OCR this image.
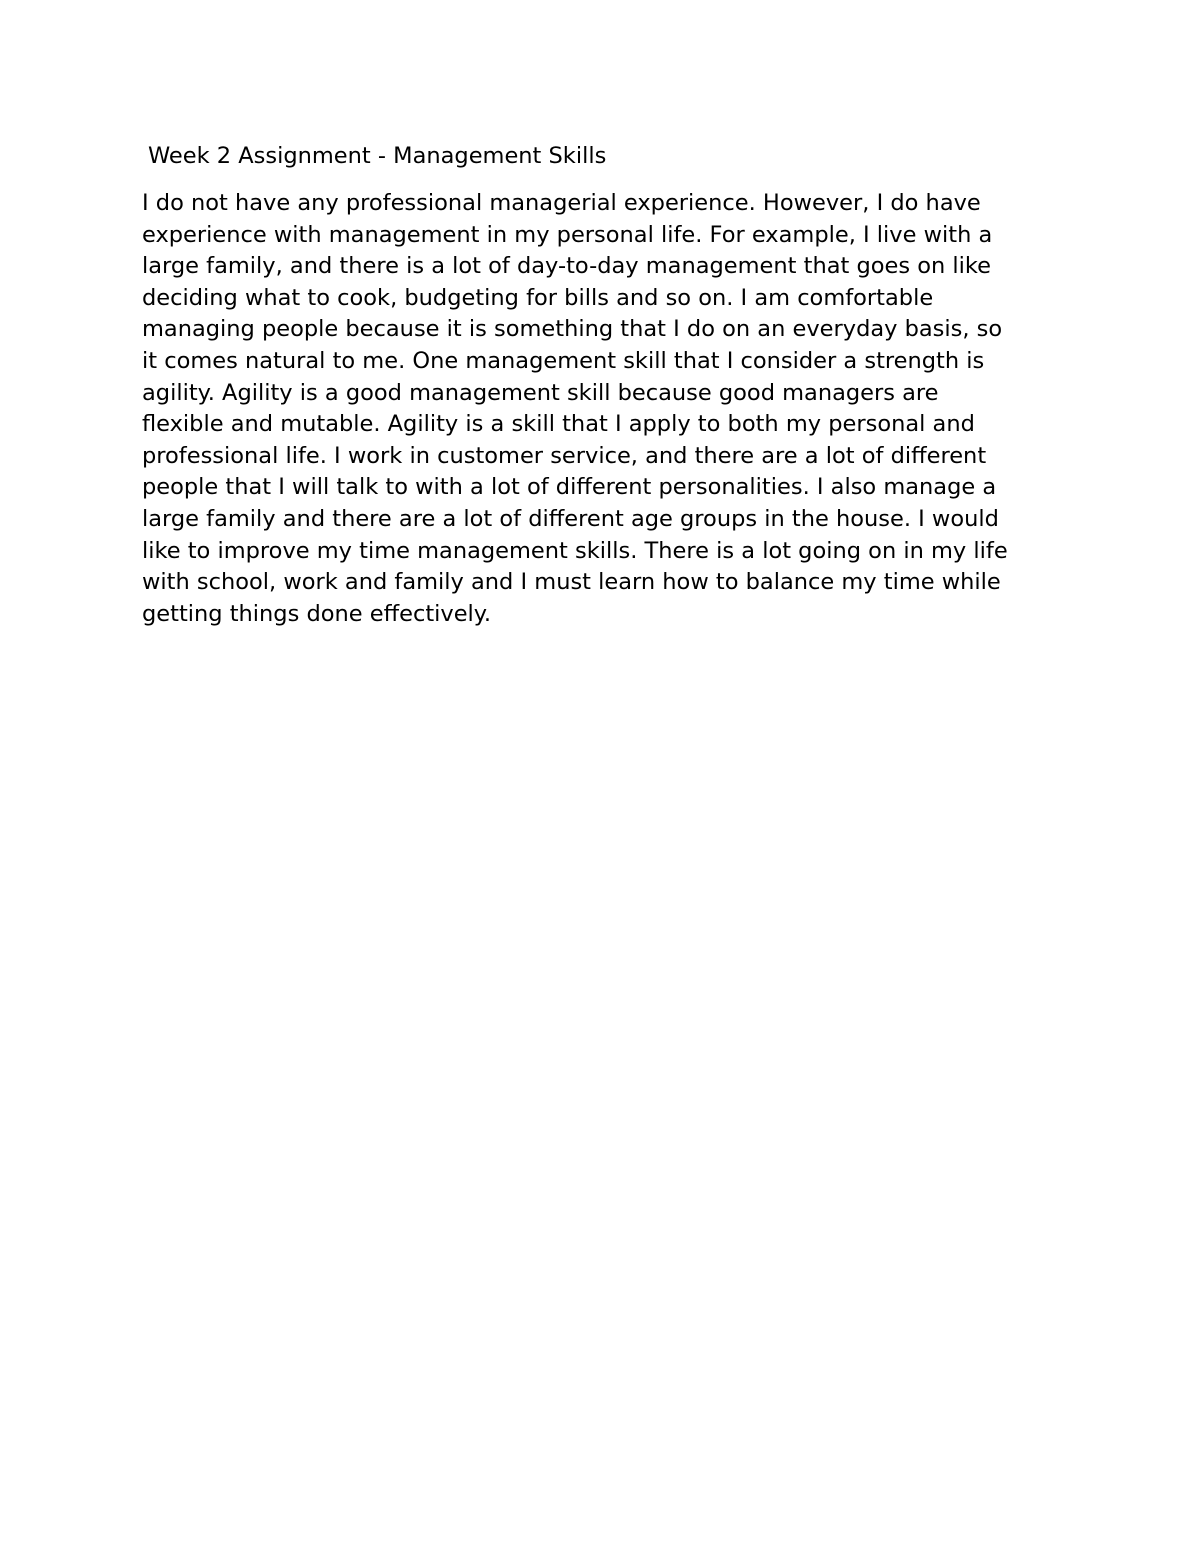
Week 2 Assignment - Management Skills
I do not have any professional managerial experience. However, I do have
experience with management in my personal life. For example, I live with a
large family, and there is a lot of day-to-day management that goes on like
deciding what to cook, budgeting for bills and so on. I am comfortable
managing people because it is something that I do on an everyday basis, so
it comes natural to me. One management skill that I consider a strength is
agility. Agility is a good management skill because good managers are
flexible and mutable. Agility is a skill that I apply to both my personal and
professional life. I work in customer service, and there are a lot of different
people that I will talk to with a lot of different personalities. I also manage a
large family and there are a lot of different age groups in the house. I would
like to improve my time management skills. There is a lot going on in my life
with school, work and family and I must learn how to balance my time while
getting things done effectively.
